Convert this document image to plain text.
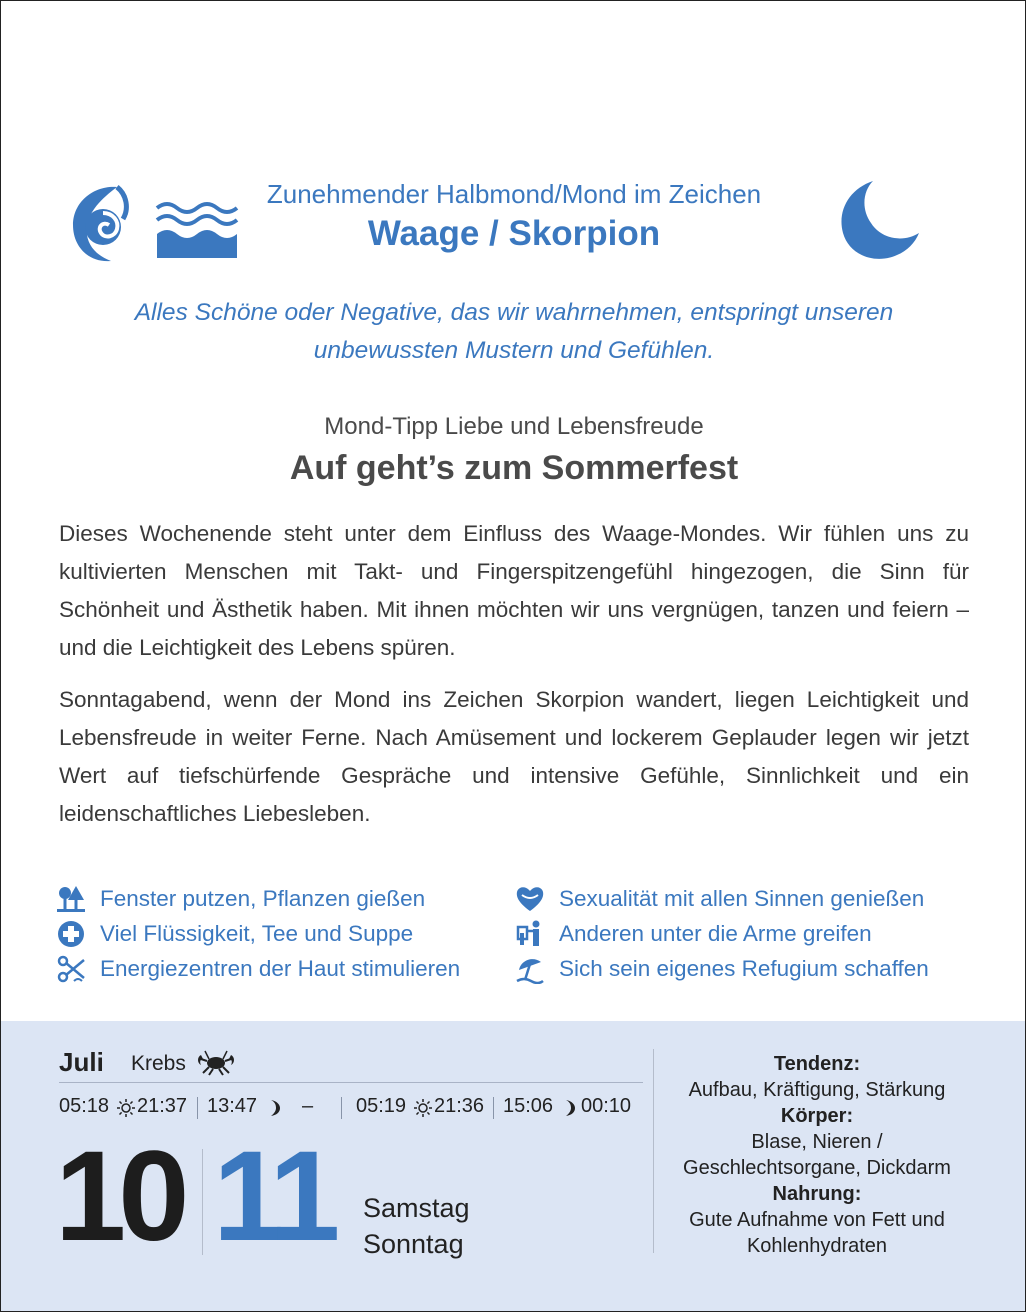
Zunehmender Halbmond/Mond im Zeichen
Waage / Skorpion
Alles Schöne oder Negative, das wir wahrnehmen, entspringt unseren
unbewussten Mustern und Gefühlen.
Mond-Tipp Liebe und Lebensfreude
Auf geht’s zum Sommerfest
Dieses Wochenende steht unter dem Einfluss des Waage-Mondes. Wir fühlen uns zu kultivierten Menschen mit Takt- und Fingerspitzengefühl hingezogen, die Sinn für Schönheit und Ästhetik haben. Mit ihnen möchten wir uns vergnügen, tanzen und feiern – und die Leichtigkeit des Lebens spüren.
Sonntagabend, wenn der Mond ins Zeichen Skorpion wandert, liegen Leichtigkeit und Lebensfreude in weiter Ferne. Nach Amüsement und lockerem Geplauder legen wir jetzt Wert auf tiefschürfende Gespräche und intensive Gefühle, Sinnlichkeit und ein leidenschaftliches Liebesleben.
Fenster putzen, Pflanzen gießen
Viel Flüssigkeit, Tee und Suppe
Energiezentren der Haut stimulieren
Sexualität mit allen Sinnen genießen
Anderen unter die Arme greifen
Sich sein eigenes Refugium schaffen
Juli Krebs
05:18 21:37 13:47 – 05:19 21:36 15:06 00:10
10 11 Samstag
Sonntag
Tendenz:
Aufbau, Kräftigung, Stärkung
Körper:
Blase, Nieren /
Geschlechtsorgane, Dickdarm
Nahrung:
Gute Aufnahme von Fett und
Kohlenhydraten
